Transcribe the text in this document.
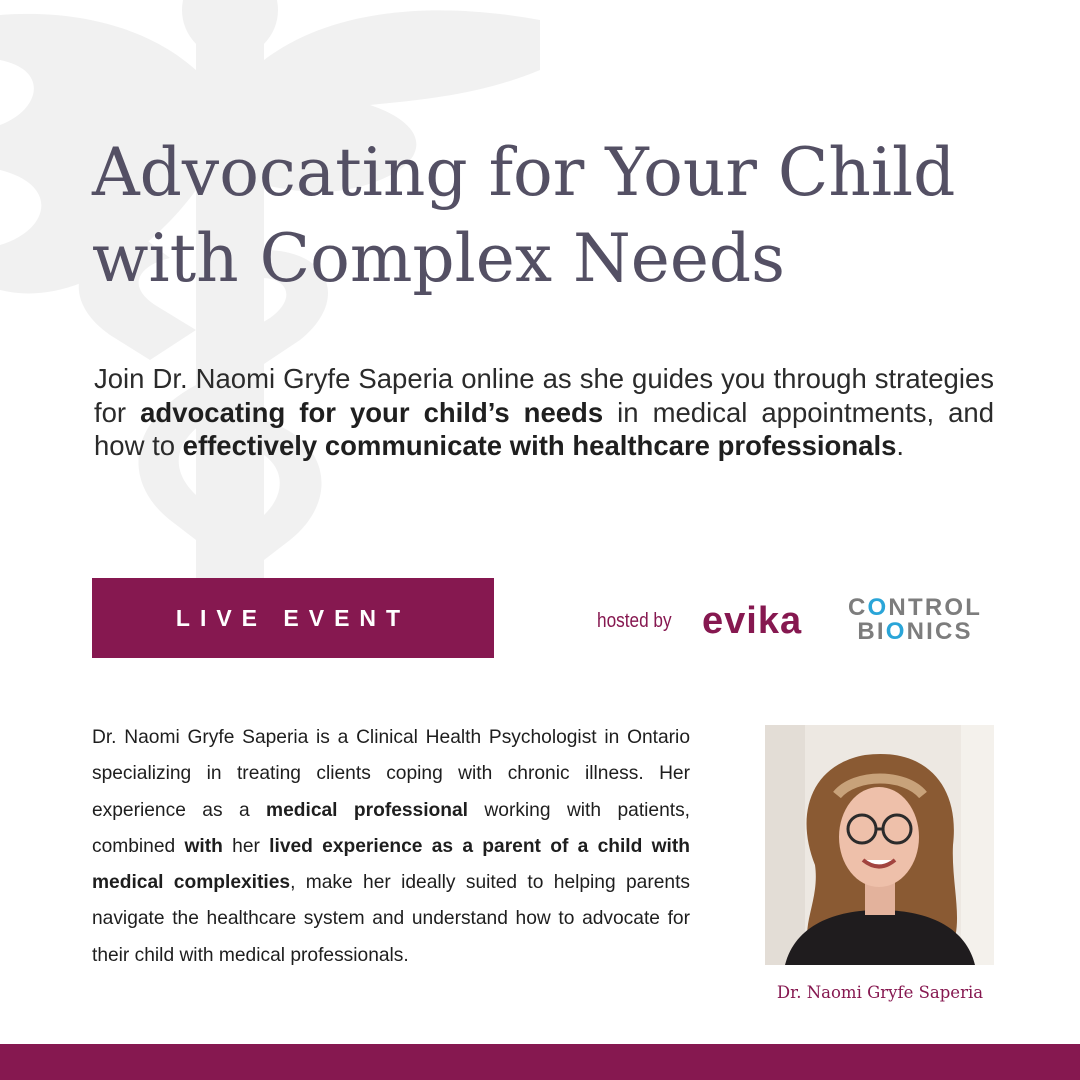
Advocating for Your Child
with Complex Needs

Join Dr. Naomi Gryfe Saperia online as she guides you through strategies for advocating for your child’s needs in medical appointments, and how to effectively communicate with healthcare professionals.

LIVE EVENT	hosted by evika CONTROL
BIONICS

Dr. Naomi Gryfe Saperia is a Clinical Health Psychologist in Ontario specializing in treating clients coping with chronic illness. Her experience as a medical professional working with patients, combined with her lived experience as a parent of a child with medical complexities, make her ideally suited to helping parents navigate the healthcare system and understand how to advocate for their child with medical professionals.

Dr. Naomi Gryfe Saperia
